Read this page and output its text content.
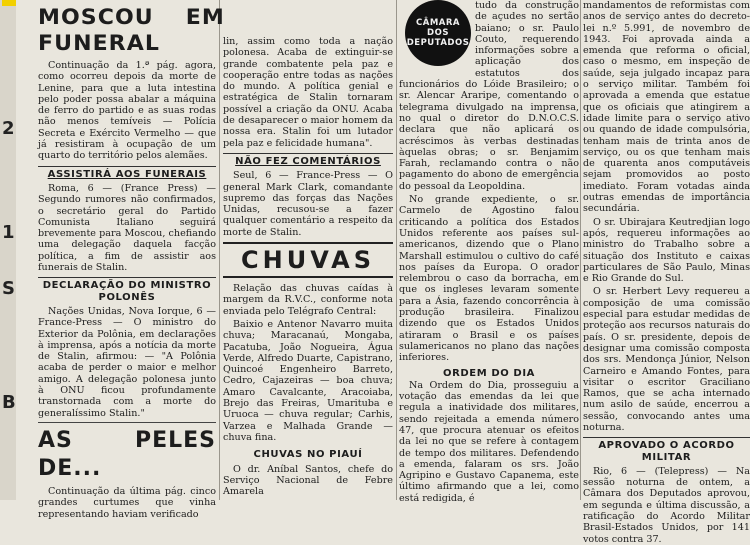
2
1
S
B
MOSCOU EM FUNERAL

Continuação da 1.ª pág. agora, como ocorreu depois da morte de Lenine, para que a luta intestina pelo poder possa abalar a máquina de ferro do partido e as suas rodas não menos temíveis — Polícia Secreta e Exército Vermelho — que já resistiram à ocupação de um quarto do território pelos alemães.

ASSISTIRÁ AOS FUNERAIS

Roma, 6 — (France Press) — Segundo rumores não confirmados, o secretário geral do Partido Comunista Italiano seguirá brevemente para Moscou, chefiando uma delegação daquela facção política, a fim de assistir aos funerais de Stalin.

DECLARAÇÃO DO MINISTRO POLONÊS

Nações Unidas, Nova Iorque, 6 — France-Press — O ministro do Exterior da Polônia, em declarações à imprensa, após a notícia da morte de Stalin, afirmou: — "A Polônia acaba de perder o maior e melhor amigo. A delegação polonesa junto à ONU ficou profundamente transtornada com a morte do generalíssimo Stalin."

AS PELES DE...

Continuação da última pág. cinco grandes curtumes que vinha representando haviam verificado

lin, assim como toda a nação polonesa. Acaba de extinguir-se grande combatente pela paz e cooperação entre todas as nações do mundo. A política genial e estratégica de Stalin tornaram possível a criação da ONU. Acaba de desaparecer o maior homem da nossa era. Stalin foi um lutador pela paz e felicidade humana".

NÃO FEZ COMENTÁRIOS

Seul, 6 — France-Press — O general Mark Clark, comandante supremo das forças das Nações Unidas, recusou-se a fazer qualquer comentário a respeito da morte de Stalin.

CHUVAS

Relação das chuvas caídas à margem da R.V.C., conforme nota enviada pelo Telégrafo Central:

Baixio e Antenor Navarro muita chuva; Maracanaú, Mongaba, Pacatuba, João Nogueira, Água Verde, Alfredo Duarte, Capistrano, Quincoé Engenheiro Barreto, Cedro, Cajazeiras — boa chuva; Amaro Cavalcante, Aracoiaba, Brejo das Freiras, Umarituba e Uruoca — chuva regular; Carhis, Varzea e Malhada Grande — chuva fina.

CHUVAS NO PIAUÍ

O dr. Aníbal Santos, chefe do Serviço Nacional de Febre Amarela

CÂMARA DOS DEPUTADOS

tudo da construção de açudes no sertão baiano; o sr. Paulo Couto, requerendo informações sobre a aplicação dos estatutos dos funcionários do Lóide Brasileiro; o sr. Alencar Araripe, comentando o telegrama divulgado na imprensa, no qual o diretor do D.N.O.C.S. declara que não aplicará os acréscimos às verbas destinadas àquelas obras; o sr. Benjamim Farah, reclamando contra o não pagamento do abono de emergência do pessoal da Leopoldina.

No grande expediente, o sr. Carmelo de Agostino falou criticando a política dos Estados Unidos referente aos países sul-americanos, dizendo que o Plano Marshall estimulou o cultivo do café nos países da Europa. O orador relembrou o caso da borracha, em que os ingleses levaram somente para a Ásia, fazendo concorrência à produção brasileira. Finalizou dizendo que os Estados Unidos atiraram o Brasil e os países sulamericanos no plano das nações inferiores.

ORDEM DO DIA

Na Ordem do Dia, prosseguiu a votação das emendas da lei que regula a inatividade dos militares, sendo rejeitada a emenda número 47, que procura atenuar os efeitos da lei no que se refere à contagem de tempo dos militares. Defendendo a emenda, falaram os srs. João Agripino e Gustavo Capanema, este último afirmando que a lei, como está redigida, é

mandamentos de reformistas com anos de serviço antes do decreto-lei n.º 5.991, de novembro de 1943. Foi aprovada ainda a emenda que reforma o oficial, caso o mesmo, em inspeção de saúde, seja julgado incapaz para o serviço militar. Também foi aprovada a emenda que estatue que os oficiais que atingirem a idade limite para o serviço ativo ou quando de idade compulsória, tenham mais de trinta anos de serviço, ou os que tenham mais de quarenta anos computáveis sejam promovidos ao posto imediato. Foram votadas ainda outras emendas de importância secundária.

O sr. Ubirajara Keutredjian logo após, requereu informações ao ministro do Trabalho sobre a situação dos Instituto e caixas particulares de São Paulo, Minas e Rio Grande do Sul.

O sr. Herbert Levy requereu a composição de uma comissão especial para estudar medidas de proteção aos recursos naturais do país. O sr. presidente, depois de designar uma comissão composta dos srs. Mendonça Júnior, Nelson Carneiro e Amando Fontes, para visitar o escritor Graciliano Ramos, que se acha internado num asilo de saúde, encerrou a sessão, convocando antes uma noturna.

APROVADO O ACORDO MILITAR

Rio, 6 — (Telepress) — Na sessão noturna de ontem, a Câmara dos Deputados aprovou, em segunda e última discussão, a ratificação do Acordo Militar Brasil-Estados Unidos, por 141 votos contra 37.
